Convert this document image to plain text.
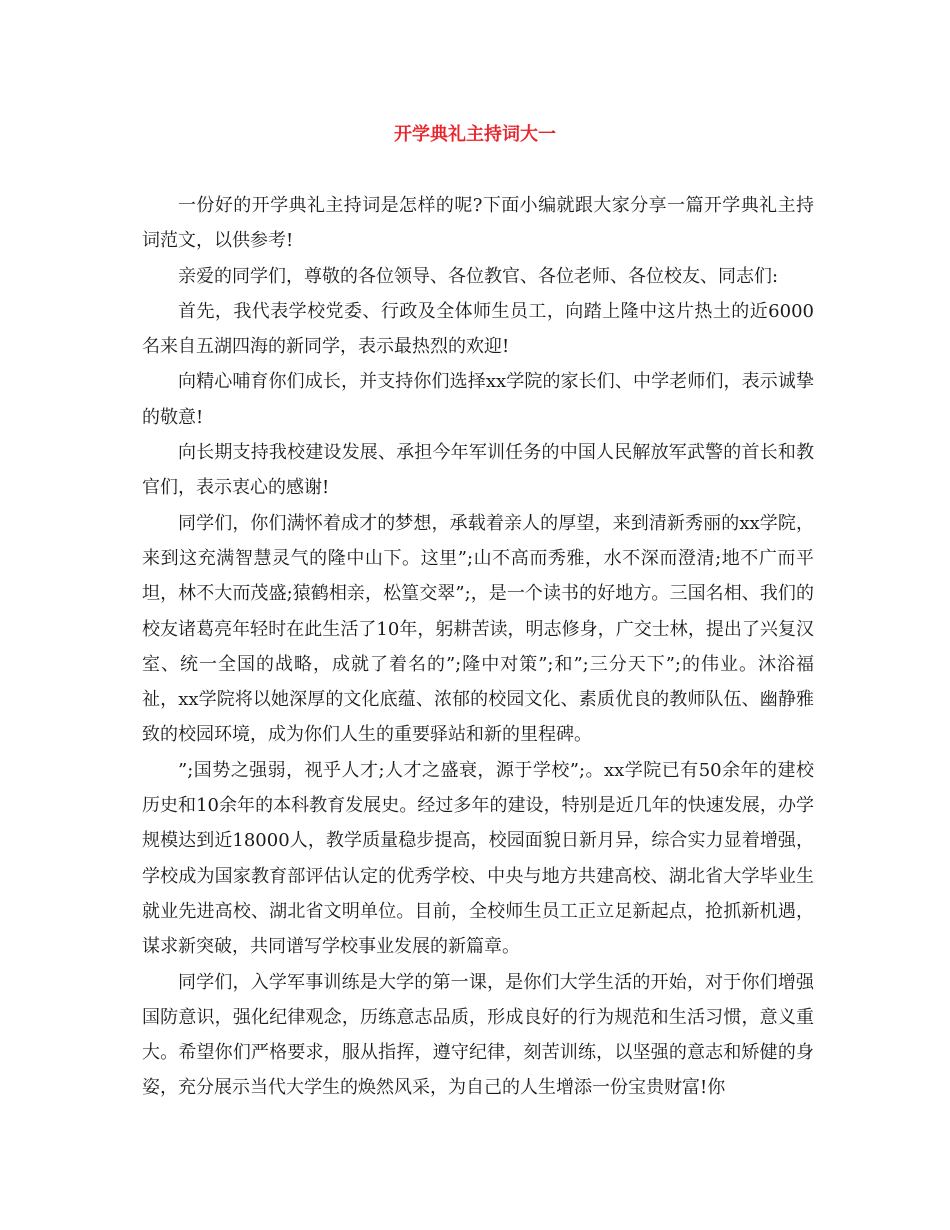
开学典礼主持词大一

一份好的开学典礼主持词是怎样的呢?下面小编就跟大家分享一篇开学典礼主持词范文，以供参考!

亲爱的同学们，尊敬的各位领导、各位教官、各位老师、各位校友、同志们:

首先，我代表学校党委、行政及全体师生员工，向踏上隆中这片热土的近6000名来自五湖四海的新同学，表示最热烈的欢迎!

向精心哺育你们成长，并支持你们选择xx学院的家长们、中学老师们，表示诚挚的敬意!

向长期支持我校建设发展、承担今年军训任务的中国人民解放军武警的首长和教官们，表示衷心的感谢!

同学们，你们满怀着成才的梦想，承载着亲人的厚望，来到清新秀丽的xx学院，来到这充满智慧灵气的隆中山下。这里”;山不高而秀雅，水不深而澄清;地不广而平坦，林不大而茂盛;猿鹤相亲，松篁交翠”;，是一个读书的好地方。三国名相、我们的校友诸葛亮年轻时在此生活了10年，躬耕苦读，明志修身，广交士林，提出了兴复汉室、统一全国的战略，成就了着名的”;隆中对策”;和”;三分天下”;的伟业。沐浴福祉，xx学院将以她深厚的文化底蕴、浓郁的校园文化、素质优良的教师队伍、幽静雅致的校园环境，成为你们人生的重要驿站和新的里程碑。

”;国势之强弱，视乎人才;人才之盛衰，源于学校”;。xx学院已有50余年的建校历史和10余年的本科教育发展史。经过多年的建设，特别是近几年的快速发展，办学规模达到近18000人，教学质量稳步提高，校园面貌日新月异，综合实力显着增强，学校成为国家教育部评估认定的优秀学校、中央与地方共建高校、湖北省大学毕业生就业先进高校、湖北省文明单位。目前，全校师生员工正立足新起点，抢抓新机遇，谋求新突破，共同谱写学校事业发展的新篇章。

同学们，入学军事训练是大学的第一课，是你们大学生活的开始，对于你们增强国防意识，强化纪律观念，历练意志品质，形成良好的行为规范和生活习惯，意义重大。希望你们严格要求，服从指挥，遵守纪律，刻苦训练，以坚强的意志和矫健的身姿，充分展示当代大学生的焕然风采，为自己的人生增添一份宝贵财富!你
